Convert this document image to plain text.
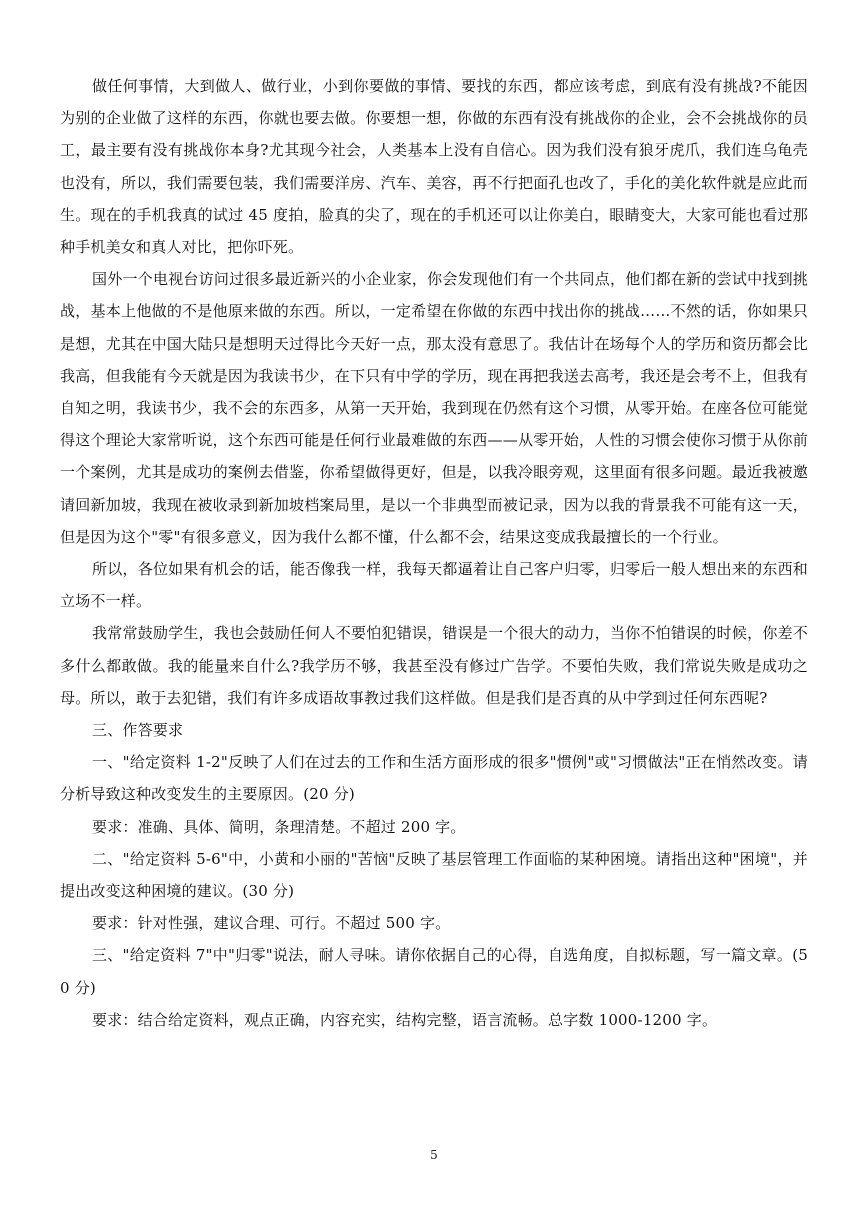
做任何事情，大到做人、做行业，小到你要做的事情、要找的东西，都应该考虑，到底有没有挑战?不能因为别的企业做了这样的东西，你就也要去做。你要想一想，你做的东西有没有挑战你的企业，会不会挑战你的员工，最主要有没有挑战你本身?尤其现今社会，人类基本上没有自信心。因为我们没有狼牙虎爪，我们连乌龟壳也没有，所以，我们需要包装，我们需要洋房、汽车、美容，再不行把面孔也改了，手化的美化软件就是应此而生。现在的手机我真的试过 45 度拍，脸真的尖了，现在的手机还可以让你美白，眼睛变大，大家可能也看过那种手机美女和真人对比，把你吓死。

国外一个电视台访问过很多最近新兴的小企业家，你会发现他们有一个共同点，他们都在新的尝试中找到挑战，基本上他做的不是他原来做的东西。所以，一定希望在你做的东西中找出你的挑战……不然的话，你如果只是想，尤其在中国大陆只是想明天过得比今天好一点，那太没有意思了。我估计在场每个人的学历和资历都会比我高，但我能有今天就是因为我读书少，在下只有中学的学历，现在再把我送去高考，我还是会考不上，但我有自知之明，我读书少，我不会的东西多，从第一天开始，我到现在仍然有这个习惯，从零开始。在座各位可能觉得这个理论大家常听说，这个东西可能是任何行业最难做的东西——从零开始，人性的习惯会使你习惯于从你前一个案例，尤其是成功的案例去借鉴，你希望做得更好，但是，以我冷眼旁观，这里面有很多问题。最近我被邀请回新加坡，我现在被收录到新加坡档案局里，是以一个非典型而被记录，因为以我的背景我不可能有这一天，但是因为这个"零"有很多意义，因为我什么都不懂，什么都不会，结果这变成我最擅长的一个行业。

所以，各位如果有机会的话，能否像我一样，我每天都逼着让自己客户归零，归零后一般人想出来的东西和立场不一样。

我常常鼓励学生，我也会鼓励任何人不要怕犯错误，错误是一个很大的动力，当你不怕错误的时候，你差不多什么都敢做。我的能量来自什么?我学历不够，我甚至没有修过广告学。不要怕失败，我们常说失败是成功之母。所以，敢于去犯错，我们有许多成语故事教过我们这样做。但是我们是否真的从中学到过任何东西呢?

三、作答要求

一、"给定资料 1-2"反映了人们在过去的工作和生活方面形成的很多"惯例"或"习惯做法"正在悄然改变。请分析导致这种改变发生的主要原因。(20 分)

要求：准确、具体、简明，条理清楚。不超过 200 字。

二、"给定资料 5-6"中，小黄和小丽的"苦恼"反映了基层管理工作面临的某种困境。请指出这种"困境"，并提出改变这种困境的建议。(30 分)

要求：针对性强，建议合理、可行。不超过 500 字。

三、"给定资料 7"中"归零"说法，耐人寻味。请你依据自己的心得，自选角度，自拟标题，写一篇文章。(50 分)

要求：结合给定资料，观点正确，内容充实，结构完整，语言流畅。总字数 1000-1200 字。

5
